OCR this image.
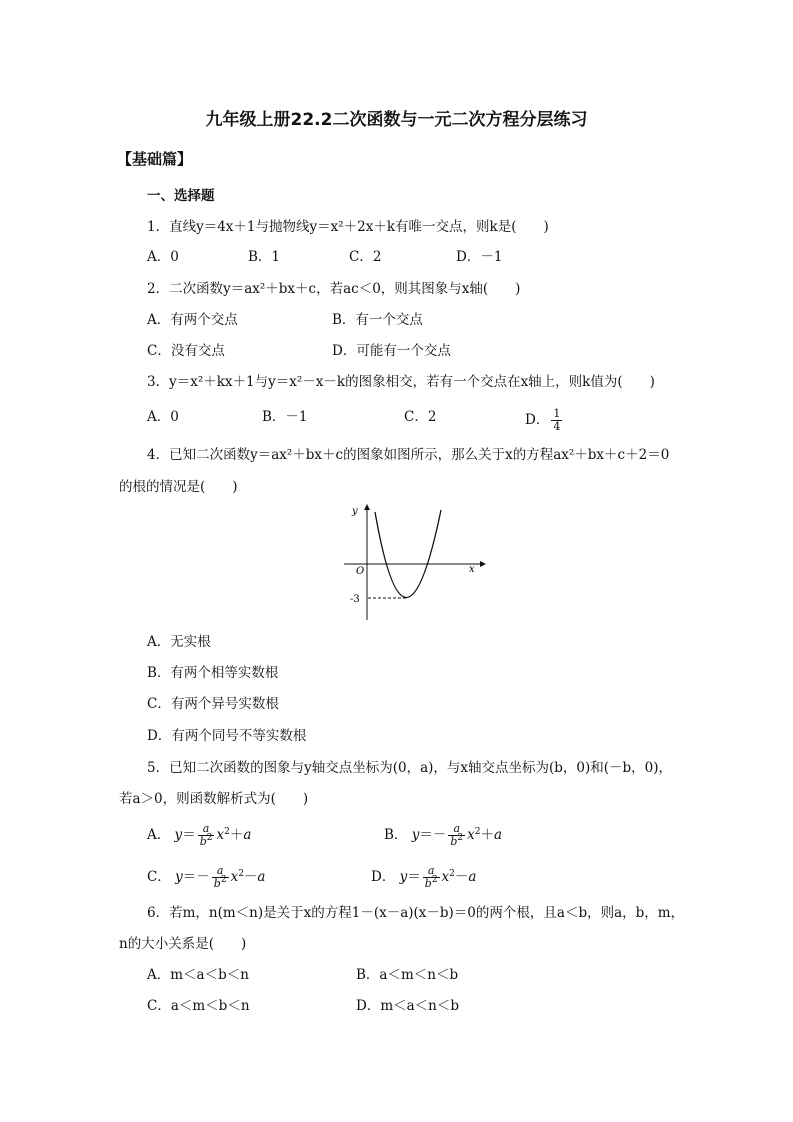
九年级上册22.2二次函数与一元二次方程分层练习
【基础篇】
一、选择题
1．直线y＝4x＋1与抛物线y＝x²＋2x＋k有唯一交点，则k是(　　)
A．0	B．1	C．2	D．－1
2．二次函数y＝ax²＋bx＋c，若ac＜0，则其图象与x轴(　　)
A．有两个交点	B．有一个交点
C．没有交点	D．可能有一个交点
3．y＝x²＋kx＋1与y＝x²－x－k的图象相交，若有一个交点在x轴上，则k值为(　　)
A．0	B．－1	C．2	D． $\frac{1}{4}$
4．已知二次函数y＝ax²＋bx＋c的图象如图所示，那么关于x的方程ax²＋bx＋c＋2＝0
的根的情况是(　　)
y
x
O
-3
A．无实根
B．有两个相等实数根
C．有两个异号实数根
D．有两个同号不等实数根
5．已知二次函数的图象与y轴交点坐标为(0，a)，与x轴交点坐标为(b，0)和(－b，0)，
若a＞0，则函数解析式为(　　)
A． $y= \frac{a}{b^2} x^2+a$	B． $y=- \frac{a}{b^2} x^2+a$
C． $y=- \frac{a}{b^2} x^2-a$	D． $y= \frac{a}{b^2} x^2-a$
6．若m，n(m＜n)是关于x的方程1－(x－a)(x－b)＝0的两个根，且a＜b，则a，b，m，
n的大小关系是(　　)
A．m＜a＜b＜n	B．a＜m＜n＜b
C．a＜m＜b＜n	D．m＜a＜n＜b
